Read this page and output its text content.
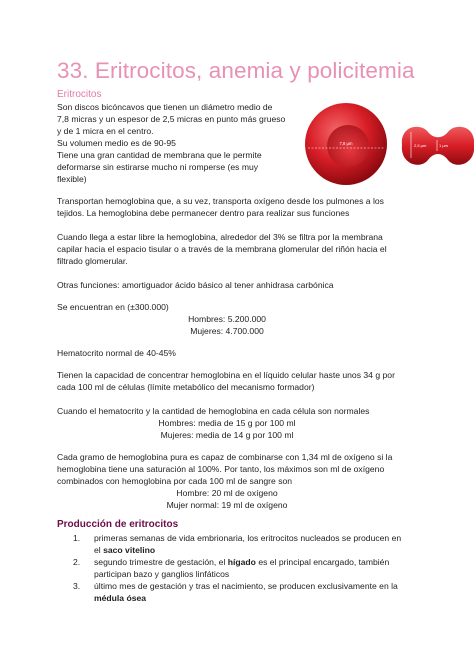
33. Eritrocitos, anemia y policitemia
Eritrocitos
Son discos bicóncavos que tienen un diámetro medio de
7,8 micras y un espesor de 2,5 micras en punto más grueso
y de 1 micra en el centro.
Su volumen medio es de 90-95
Tiene una gran cantidad de membrana que le permite
deformarse sin estirarse mucho ni romperse (es muy
flexible)
7,8 µm	2,5 µm	1 µm
Transportan hemoglobina que, a su vez, transporta oxígeno desde los pulmones a los
tejidos. La hemoglobina debe permanecer dentro para realizar sus funciones
Cuando llega a estar libre la hemoglobina, alrededor del 3% se filtra por la membrana
capilar hacia el espacio tisular o a través de la membrana glomerular del riñón hacia el
filtrado glomerular.
Otras funciones: amortiguador ácido básico al tener anhidrasa carbónica
Se encuentran en (±300.000)
Hombres: 5.200.000
Mujeres: 4.700.000
Hematocrito normal de 40-45%
Tienen la capacidad de concentrar hemoglobina en el líquido celular haste unos 34 g por
cada 100 ml de células (límite metabólico del mecanismo formador)
Cuando el hematocrito y la cantidad de hemoglobina en cada célula son normales
Hombres: media de 15 g por 100 ml
Mujeres: media de 14 g por 100 ml
Cada gramo de hemoglobina pura es capaz de combinarse con 1,34 ml de oxígeno si la
hemoglobina tiene una saturación al 100%. Por tanto, los máximos son ml de oxígeno
combinados con hemoglobina por cada 100 ml de sangre son
Hombre: 20 ml de oxígeno
Mujer normal: 19 ml de oxígeno
Producción de eritrocitos
1. primeras semanas de vida embrionaria, los eritrocitos nucleados se producen en
el saco vitelino
2. segundo trimestre de gestación, el hígado es el principal encargado, también
participan bazo y ganglios linfáticos
3. último mes de gestación y tras el nacimiento, se producen exclusivamente en la
médula ósea
